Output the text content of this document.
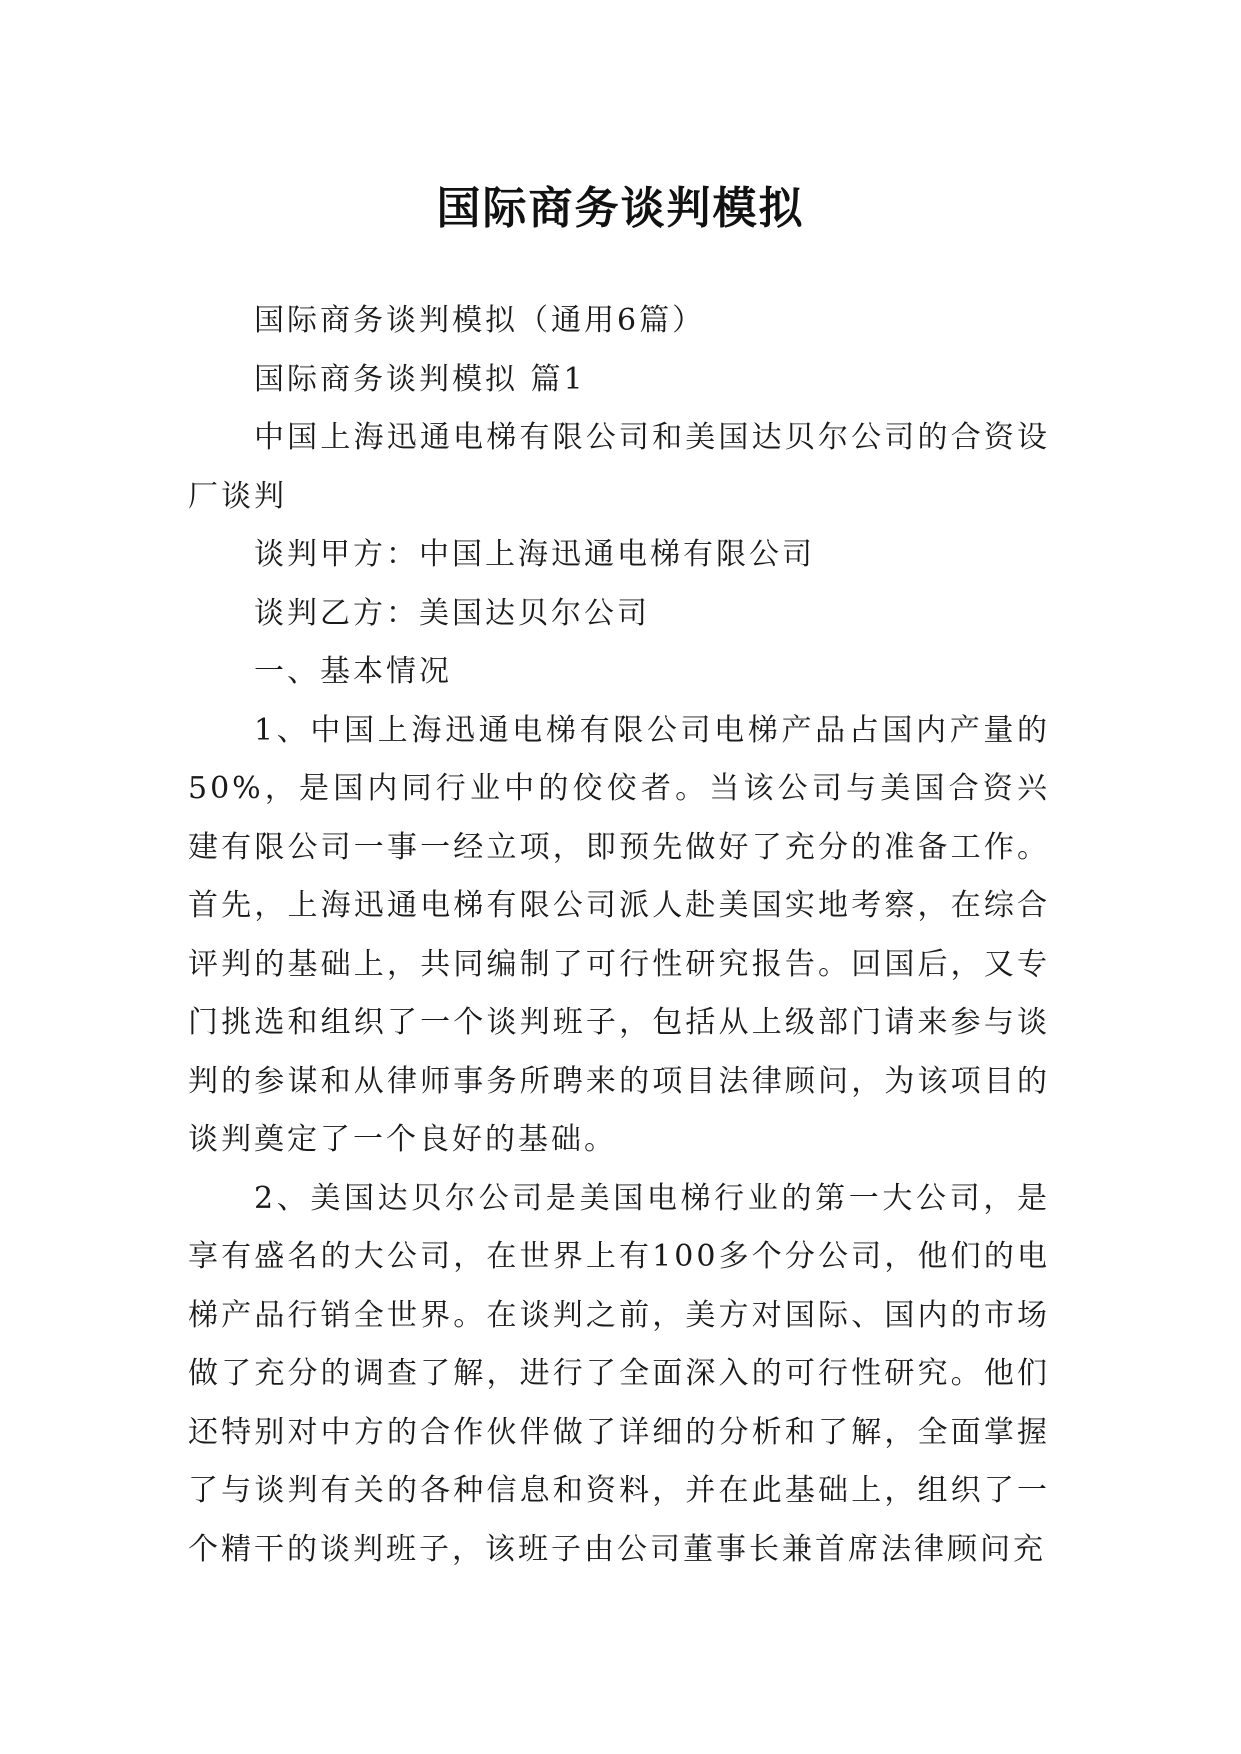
国际商务谈判模拟

国际商务谈判模拟（通用6篇）

国际商务谈判模拟 篇1

中国上海迅通电梯有限公司和美国达贝尔公司的合资设厂谈判

谈判甲方：中国上海迅通电梯有限公司

谈判乙方：美国达贝尔公司

一、基本情况

1、中国上海迅通电梯有限公司电梯产品占国内产量的50%，是国内同行业中的佼佼者。当该公司与美国合资兴建有限公司一事一经立项，即预先做好了充分的准备工作。首先，上海迅通电梯有限公司派人赴美国实地考察，在综合评判的基础上，共同编制了可行性研究报告。回国后，又专门挑选和组织了一个谈判班子，包括从上级部门请来参与谈判的参谋和从律师事务所聘来的项目法律顾问，为该项目的谈判奠定了一个良好的基础。

2、美国达贝尔公司是美国电梯行业的第一大公司，是享有盛名的大公司，在世界上有100多个分公司，他们的电梯产品行销全世界。在谈判之前，美方对国际、国内的市场做了充分的调查了解，进行了全面深入的可行性研究。他们还特别对中方的合作伙伴做了详细的分析和了解，全面掌握了与谈判有关的各种信息和资料，并在此基础上，组织了一个精干的谈判班子，该班子由公司董事长兼首席法律顾问充
